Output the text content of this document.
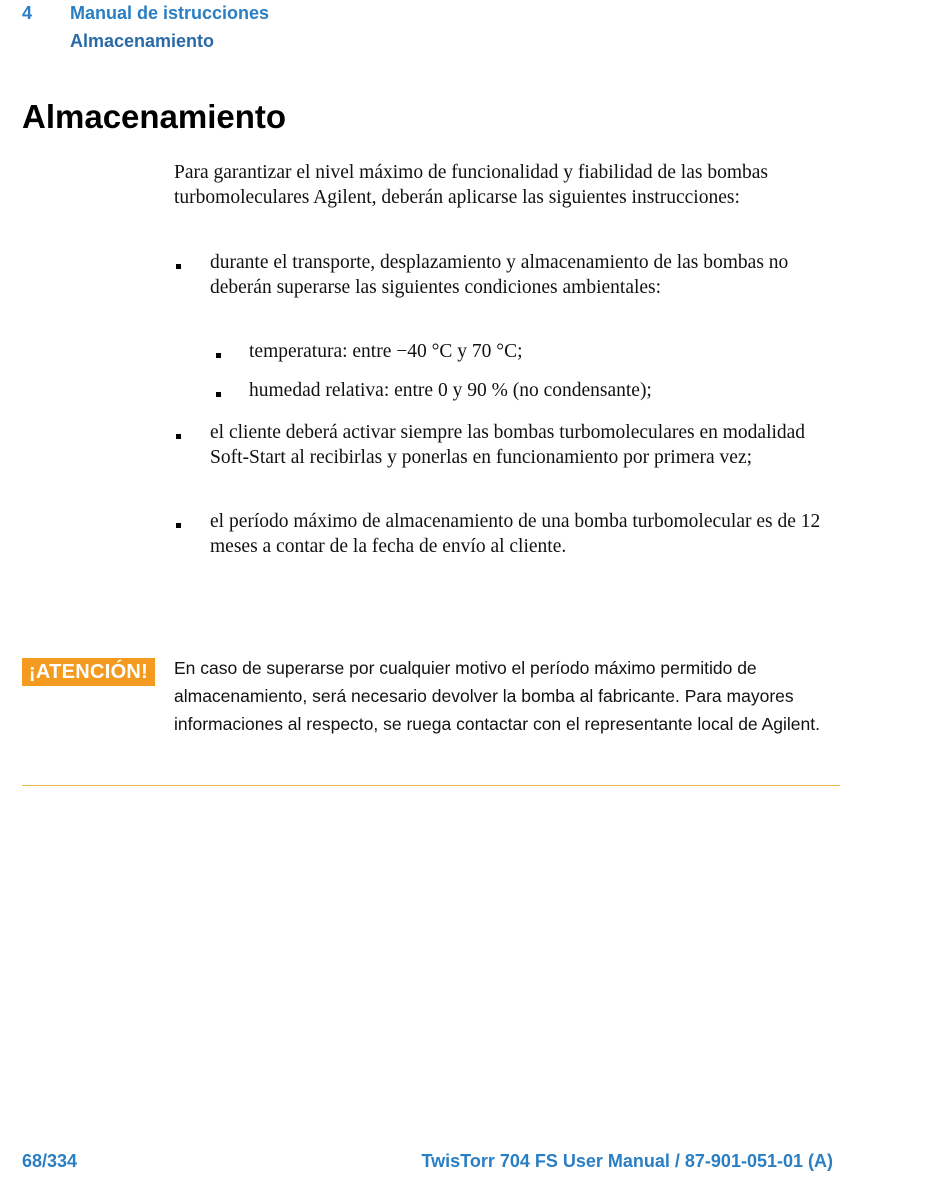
4 Manual de istrucciones
Almacenamiento
Almacenamiento

Para garantizar el nivel máximo de funcionalidad y fiabilidad de las bombas turbomoleculares Agilent, deberán aplicarse las siguientes instrucciones:

durante el transporte, desplazamiento y almacenamiento de las bombas no deberán superarse las siguientes condiciones ambientales:

temperatura: entre −40 °C y 70 °C;

humedad relativa: entre 0 y 90 % (no condensante);

el cliente deberá activar siempre las bombas turbomoleculares en modalidad Soft-Start al recibirlas y ponerlas en funcionamiento por primera vez;

el período máximo de almacenamiento de una bomba turbomolecular es de 12 meses a contar de la fecha de envío al cliente.

¡ATENCIÓN!	En caso de superarse por cualquier motivo el período máximo permitido de almacenamiento, será necesario devolver la bomba al fabricante. Para mayores informaciones al respecto, se ruega contactar con el representante local de Agilent.

68/334	TwisTorr 704 FS User Manual / 87-901-051-01 (A)
